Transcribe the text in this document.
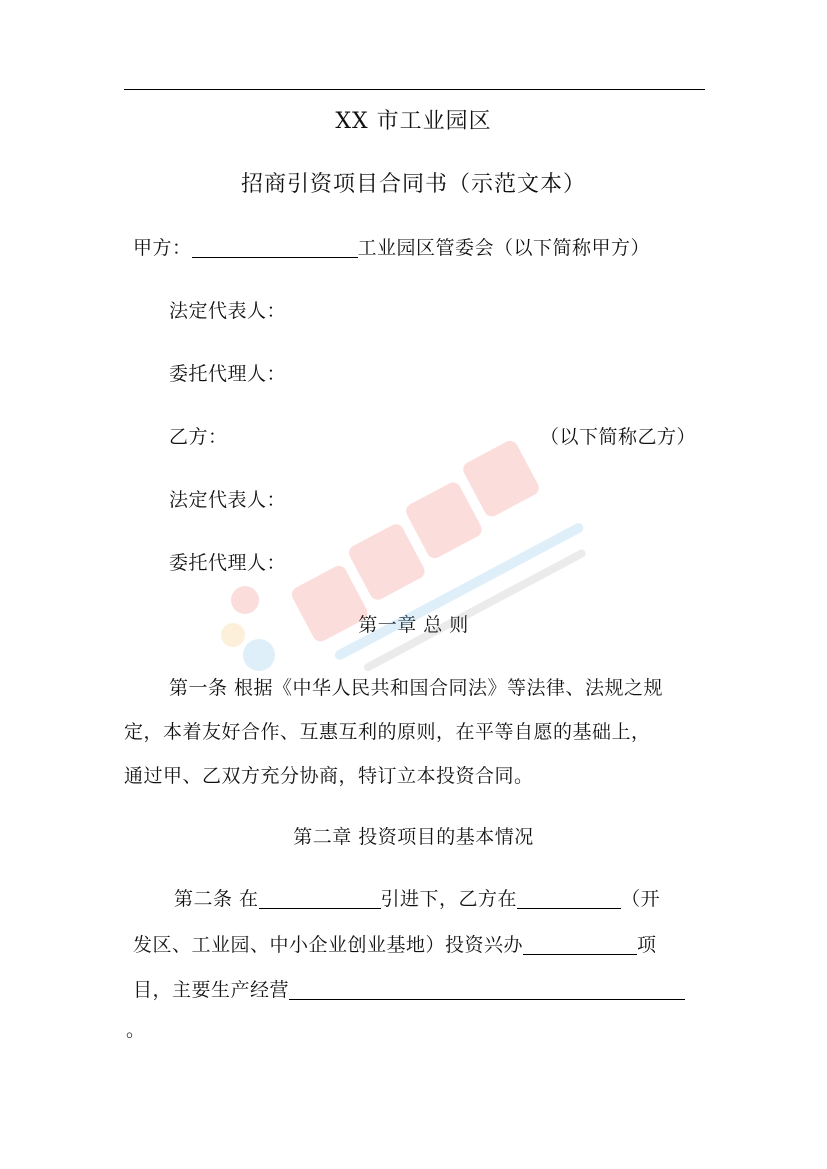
XX 市工业园区
招商引资项目合同书（示范文本）
甲方：	工业园区管委会（以下简称甲方）
法定代表人：
委托代理人：
乙方：	（以下简称乙方）
法定代表人：
委托代理人：
第一章 总 则
第一条 根据《中华人民共和国合同法》等法律、法规之规
定，本着友好合作、互惠互利的原则，在平等自愿的基础上，
通过甲、乙双方充分协商，特订立本投资合同。
第二章 投资项目的基本情况
第二条 在	引进下，乙方在	（开
发区、工业园、中小企业创业基地）投资兴办	项
目，主要生产经营
。
